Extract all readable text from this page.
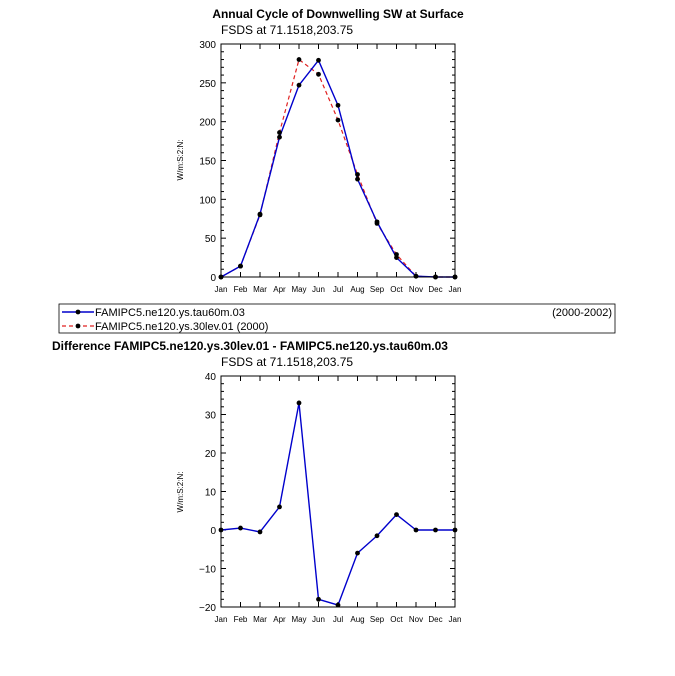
Annual Cycle of Downwelling SW at Surface
FSDS at 71.1518,203.75
W/m:S:2:N:
0
50
100
150
200
250
300
Jan Feb Mar Apr May Jun Jul Aug Sep Oct Nov Dec Jan
FAMIPC5.ne120.ys.tau60m.03	(2000-2002)
FAMIPC5.ne120.ys.30lev.01 (2000)
Difference FAMIPC5.ne120.ys.30lev.01 - FAMIPC5.ne120.ys.tau60m.03
FSDS at 71.1518,203.75
W/m:S:2:N:
−20
−10
0
10
20
30
40
Jan Feb Mar Apr May Jun Jul Aug Sep Oct Nov Dec Jan
